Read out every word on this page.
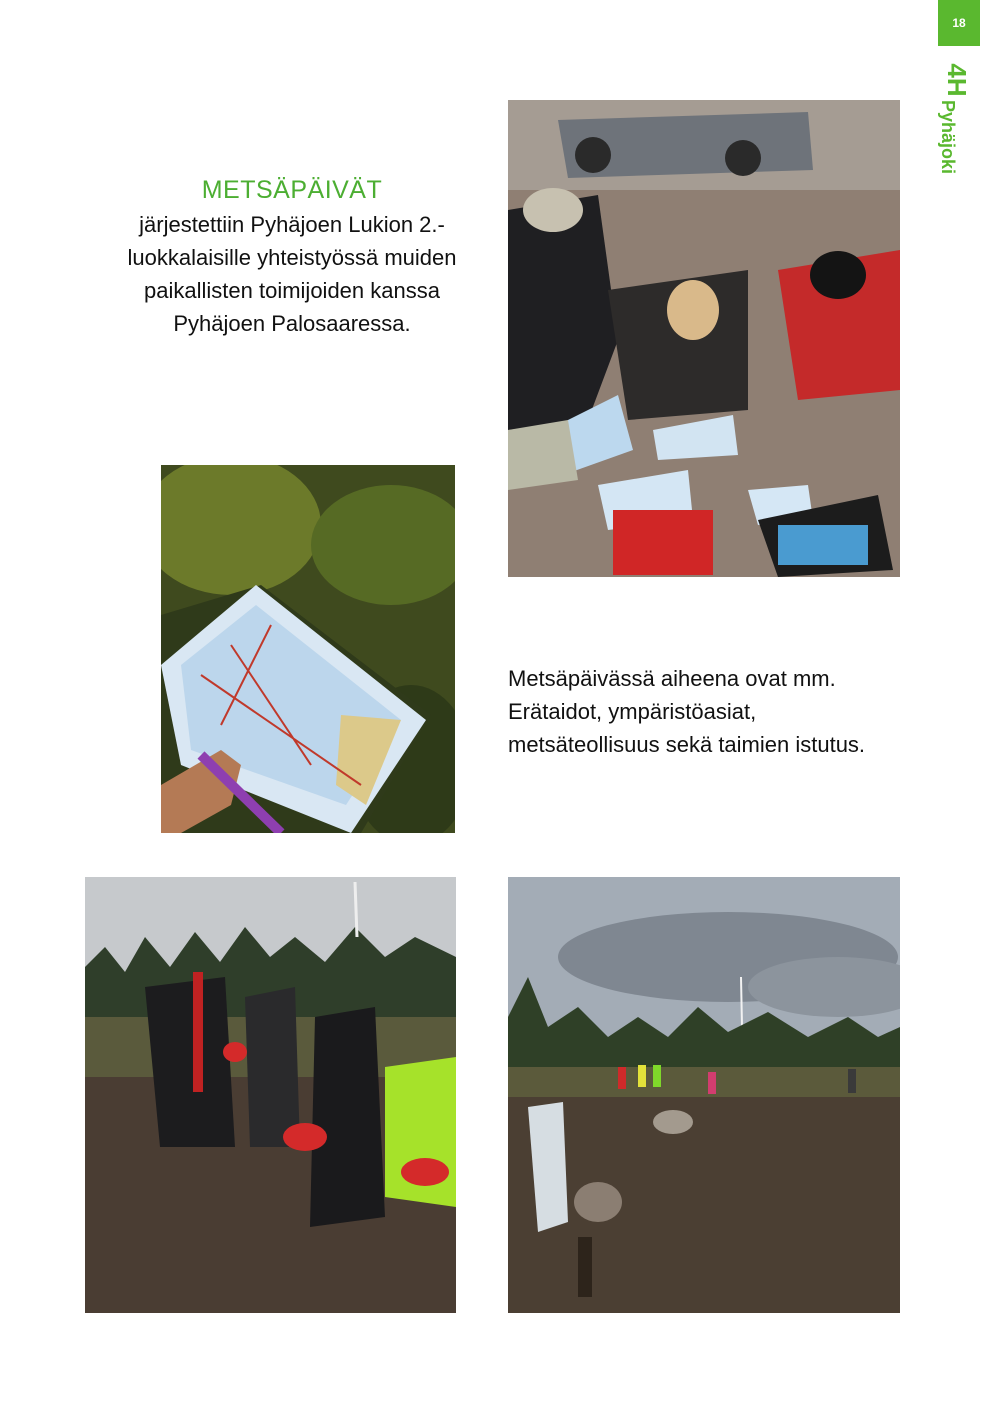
18
4H
Pyhäjoki
METSÄPÄIVÄT
järjestettiin Pyhäjoen Lukion 2.-luokkalaisille yhteistyössä muiden paikallisten toimijoiden kanssa Pyhäjoen Palosaaressa.
Metsäpäivässä aiheena ovat mm. Erätaidot, ympäristöasiat, metsäteollisuus sekä taimien istutus.
